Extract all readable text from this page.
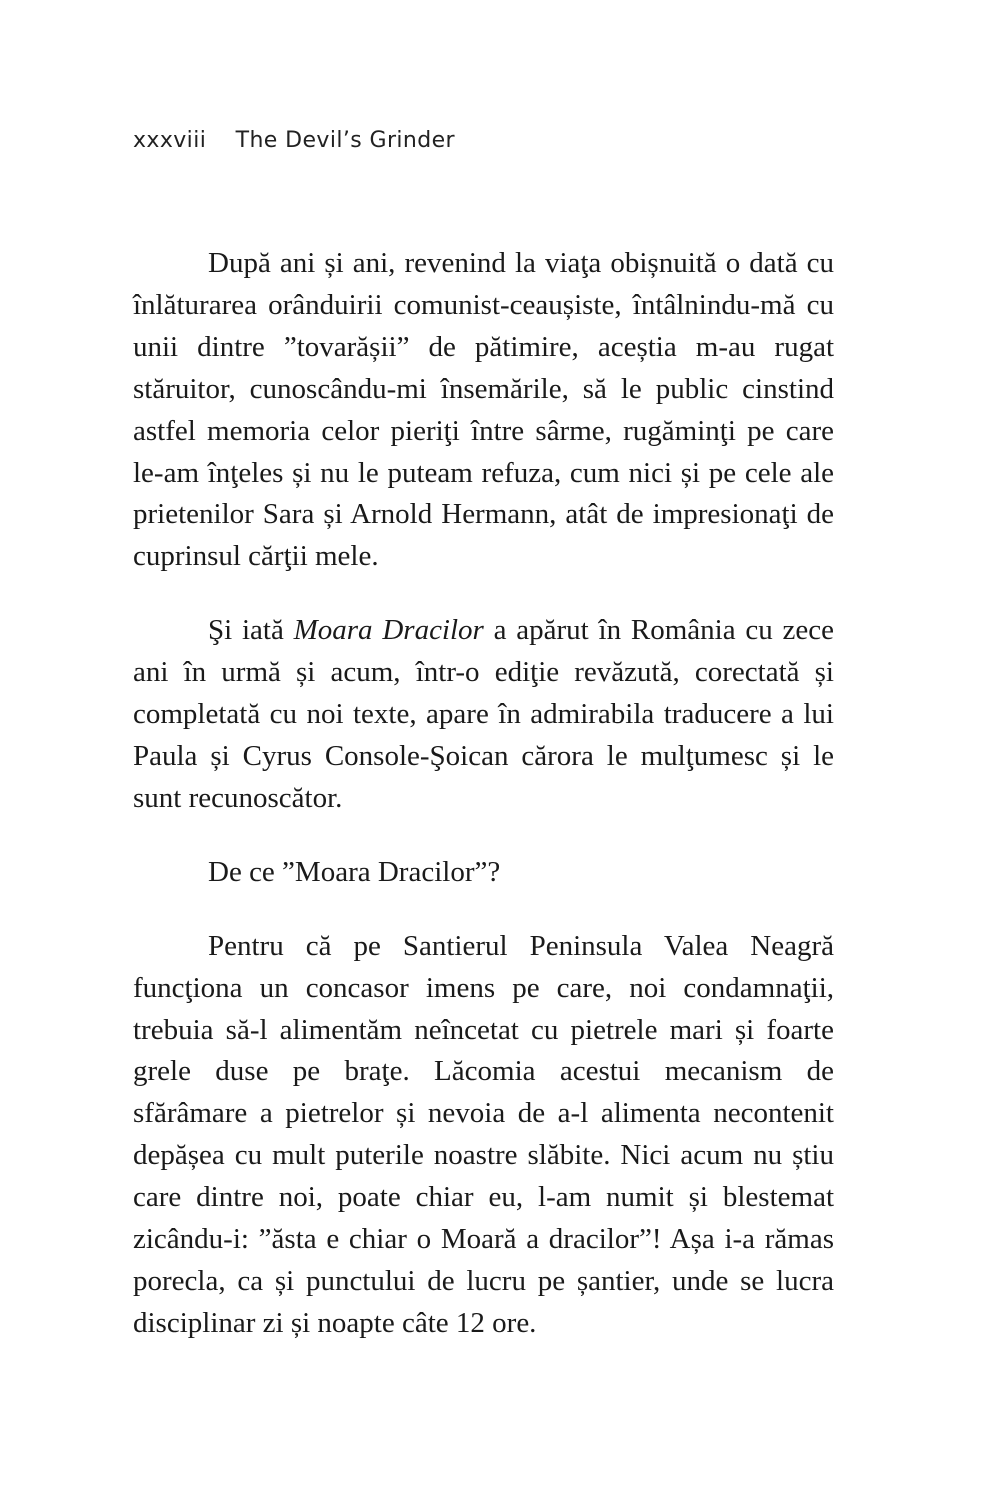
xxxviii The Devil’s Grinder

După ani și ani, revenind la viaţa obișnuită o dată cu înlăturarea orânduirii comunist-ceaușiste, întâlnindu-mă cu unii dintre ”tovarășii” de pătimire, aceștia m-au rugat stăruitor, cunoscându-mi însemările, să le public cinstind astfel memoria celor pieriţi între sârme, rugăminţi pe care le-am înţeles și nu le puteam refuza, cum nici și pe cele ale prietenilor Sara și Arnold Hermann, atât de impresionaţi de cuprinsul cărţii mele.

Şi iată Moara Dracilor a apărut în România cu zece ani în urmă și acum, într-o ediţie revăzută, corectată și completată cu noi texte, apare în admirabila traducere a lui Paula și Cyrus Console-Şoican cărora le mulţumesc și le sunt recunoscător.

De ce ”Moara Dracilor”?

Pentru că pe Santierul Peninsula Valea Neagră funcţiona un concasor imens pe care, noi condamnaţii, trebuia să-l alimentăm neîncetat cu pietrele mari și foarte grele duse pe braţe. Lăcomia acestui mecanism de sfărâmare a pietrelor și nevoia de a-l alimenta necontenit depășea cu mult puterile noastre slăbite. Nici acum nu știu care dintre noi, poate chiar eu, l-am numit și blestemat zicându-i: ”ăsta e chiar o Moară a dracilor”! Așa i-a rămas porecla, ca și punctului de lucru pe șantier, unde se lucra disciplinar zi și noapte câte 12 ore.
